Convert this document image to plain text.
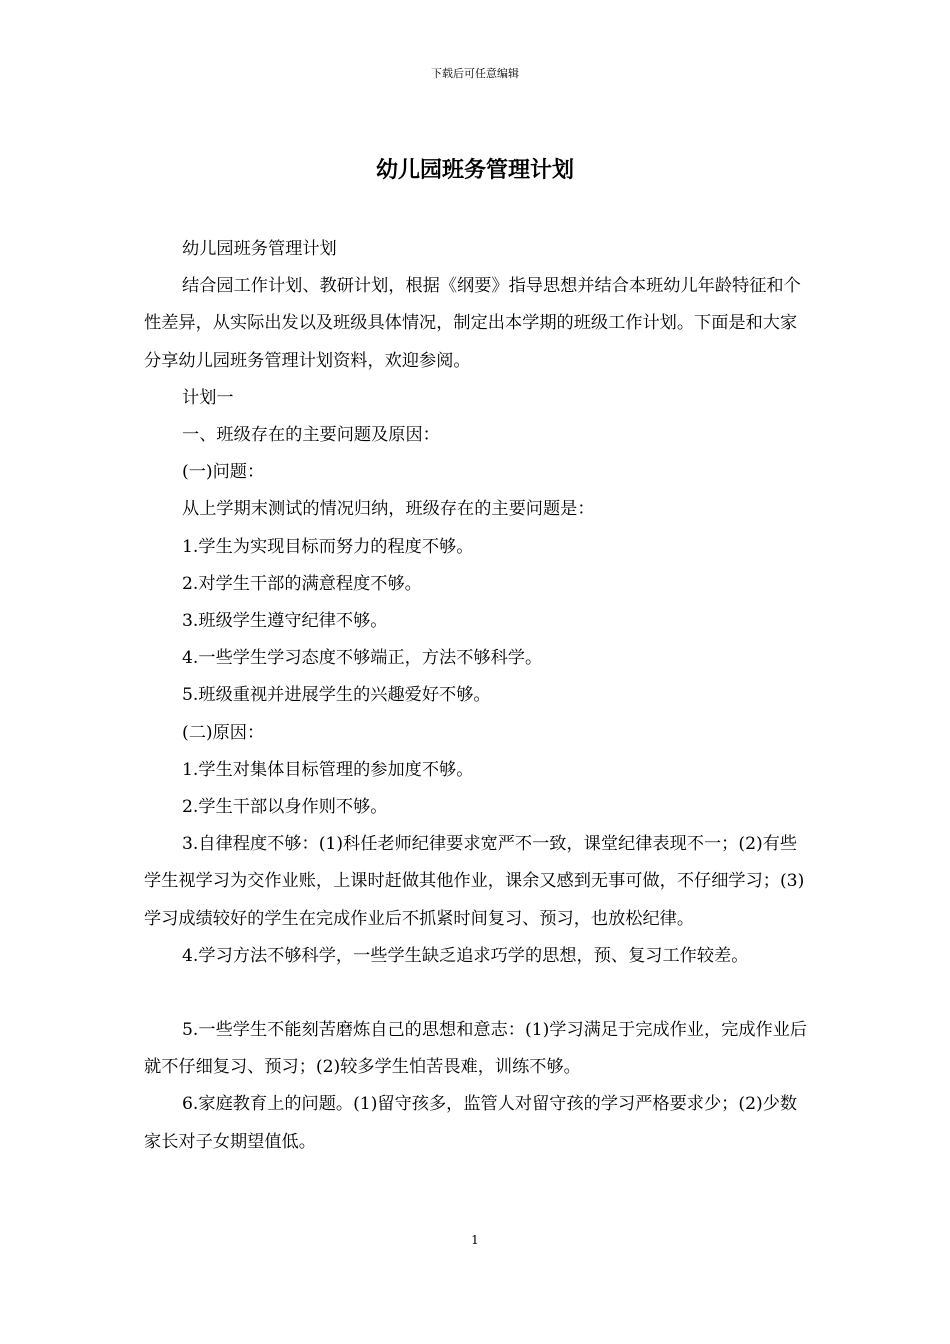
下载后可任意编辑
幼儿园班务管理计划

幼儿园班务管理计划

结合园工作计划、教研计划，根据《纲要》指导思想并结合本班幼儿年龄特征和个性差异，从实际出发以及班级具体情况，制定出本学期的班级工作计划。下面是和大家分享幼儿园班务管理计划资料，欢迎参阅。

计划一

一、班级存在的主要问题及原因：

(一)问题：

从上学期末测试的情况归纳，班级存在的主要问题是：

1.学生为实现目标而努力的程度不够。

2.对学生干部的满意程度不够。

3.班级学生遵守纪律不够。

4.一些学生学习态度不够端正，方法不够科学。

5.班级重视并进展学生的兴趣爱好不够。

(二)原因：

1.学生对集体目标管理的参加度不够。

2.学生干部以身作则不够。

3.自律程度不够：(1)科任老师纪律要求宽严不一致，课堂纪律表现不一；(2)有些学生视学习为交作业账，上课时赶做其他作业，课余又感到无事可做，不仔细学习；(3)学习成绩较好的学生在完成作业后不抓紧时间复习、预习，也放松纪律。

4.学习方法不够科学，一些学生缺乏追求巧学的思想，预、复习工作较差。

5.一些学生不能刻苦磨炼自己的思想和意志：(1)学习满足于完成作业，完成作业后就不仔细复习、预习；(2)较多学生怕苦畏难，训练不够。

6.家庭教育上的问题。(1)留守孩多，监管人对留守孩的学习严格要求少；(2)少数家长对子女期望值低。

1
